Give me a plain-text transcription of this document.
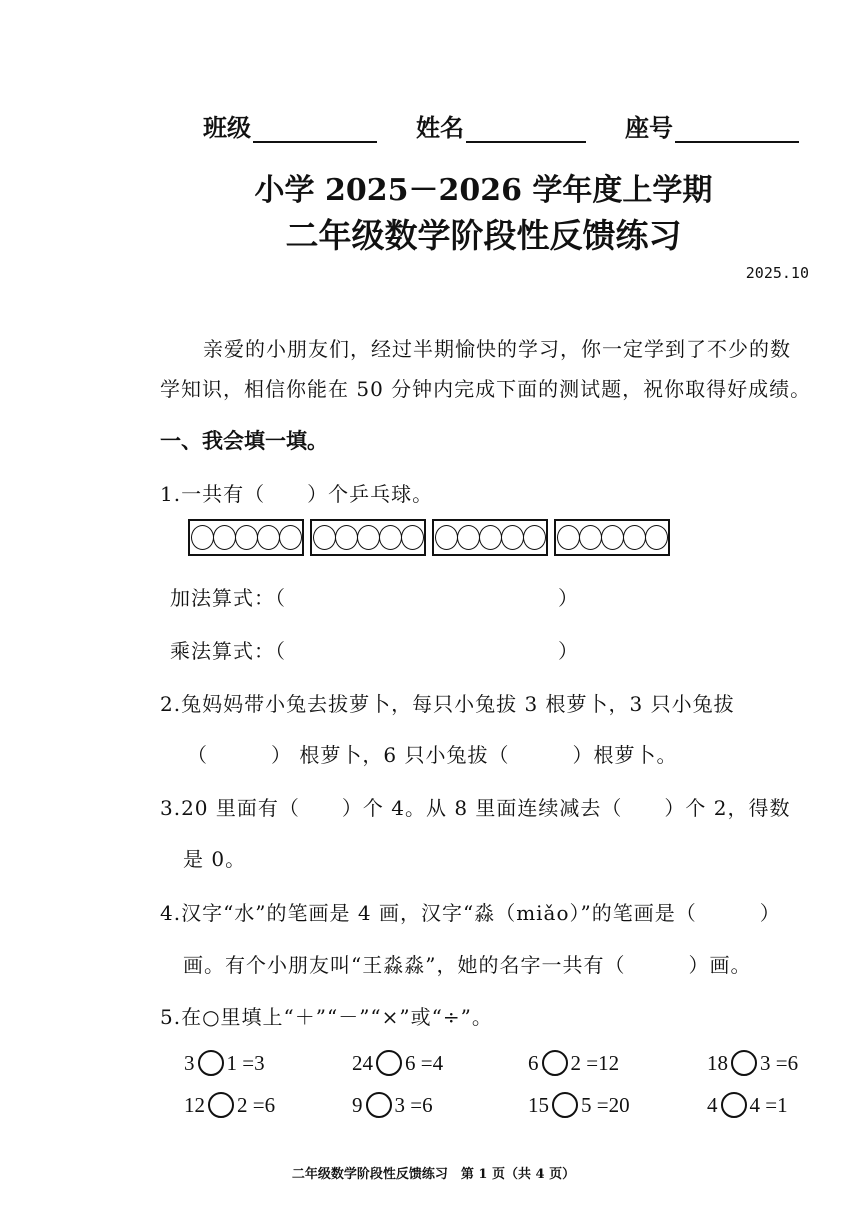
班级	姓名	座号
小学 2025－2026 学年度上学期
二年级数学阶段性反馈练习
2025.10
亲爱的小朋友们，经过半期愉快的学习，你一定学到了不少的数
学知识，相信你能在 50 分钟内完成下面的测试题，祝你取得好成绩。
一、我会填一填。
1.一共有（　　）个乒乓球。
加法算式：（	）
乘法算式：（	）
2.兔妈妈带小兔去拔萝卜，每只小兔拔 3 根萝卜，3 只小兔拔
（　　　） 根萝卜，6 只小兔拔（　　　）根萝卜。
3.20 里面有（　　）个 4。从 8 里面连续减去（　　）个 2，得数
是 0。
4.汉字“水”的笔画是 4 画，汉字“淼（miǎo）”的笔画是（　　　）
画。有个小朋友叫“王淼淼”，她的名字一共有（　　　）画。
5.在○里填上“＋”“－”“×”或“÷”。
3 1 =3	24 6 =4	6 2 =12	18 3 =6
12 2 =6	9 3 =6	15 5 =20	4 4 =1
二年级数学阶段性反馈练习　第 1 页（共 4 页）
